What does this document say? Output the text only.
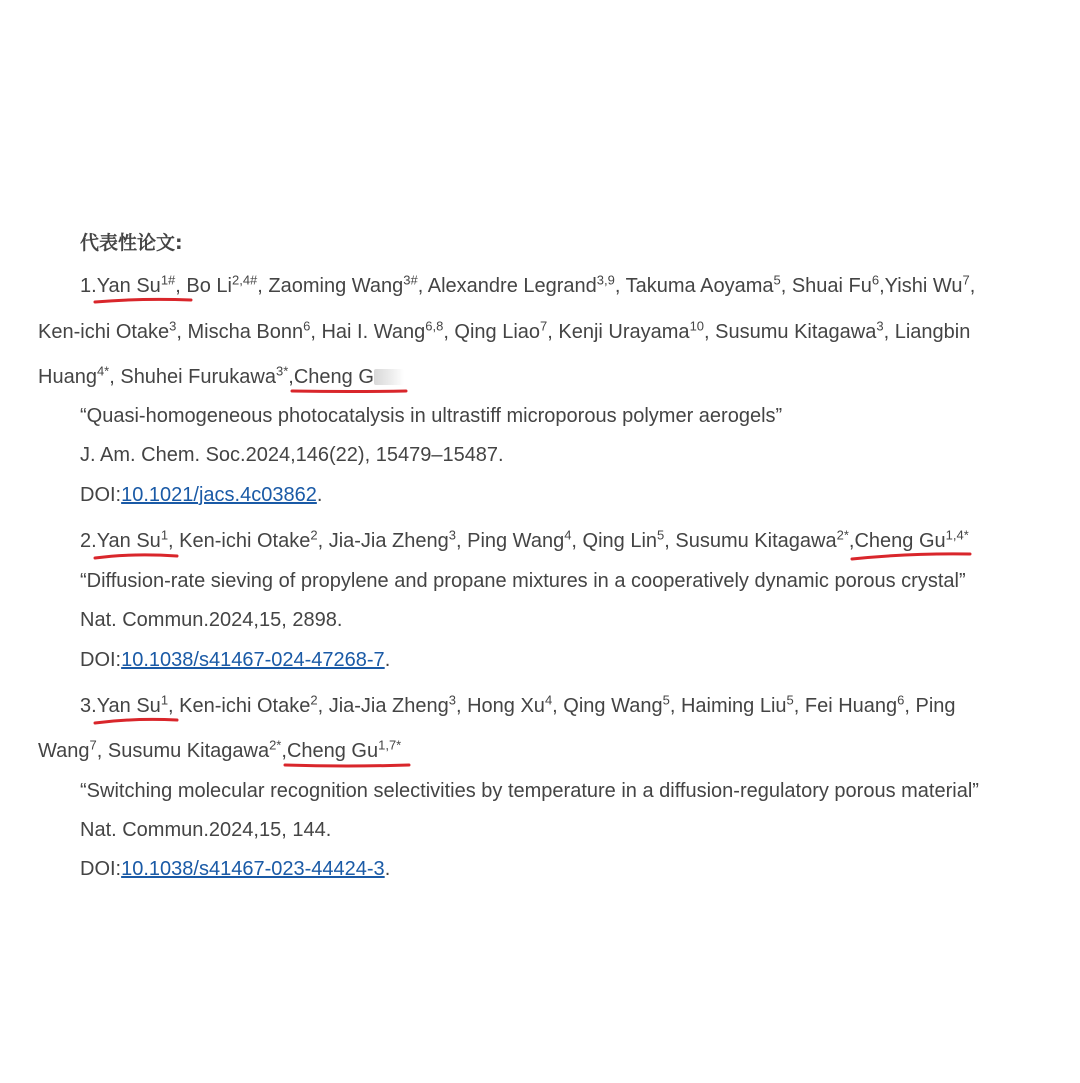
代表性论文:
1.Yan $Su^{1\#}$
, Bo $Li^{2,4\#}$, Zaoming Wang$^{3\#}$, Alexandre Legrand$^{3,9}$, Takuma Aoyama$^5$, Shuai Fu$^6$,Yishi Wu$^7$,
Ken-ichi Otake$^3$, Mischa Bonn$^6$, Hai I. Wang$^{6,8}$, Qing Liao$^7$, Kenji Urayama$^{10}$, Susumu Kitagawa$^3$, Liangbin
Huang$^{4*}$, Shuhei Furukawa$^{3*}$,Cheng G
“Quasi-homogeneous photocatalysis in ultrastiff microporous polymer aerogels”
J. Am. Chem. Soc.2024,146(22), 15479–15487.
DOI:10.1021/jacs.4c03862.
2.Yan Su$^1$
, Ken-ichi Otake$^2$, Jia-Jia Zheng$^3$, Ping Wang$^4$, Qing Lin$^5$, Susumu Kitagawa$^{2*}$,Cheng $Gu^{1,4*}$
“Diffusion-rate sieving of propylene and propane mixtures in a cooperatively dynamic porous crystal”
Nat. Commun.2024,15, 2898.
DOI:10.1038/s41467-024-47268-7.
3.Yan Su$^1$
, Ken-ichi Otake$^2$, Jia-Jia Zheng$^3$, Hong Xu$^4$, Qing Wang$^5$, Haiming Liu$^5$, Fei Huang$^6$, Ping
Wang$^7$, Susumu Kitagawa$^{2*}$,Cheng $Gu^{1,7*}$
“Switching molecular recognition selectivities by temperature in a diffusion-regulatory porous material”
Nat. Commun.2024,15, 144.
DOI:10.1038/s41467-023-44424-3.
